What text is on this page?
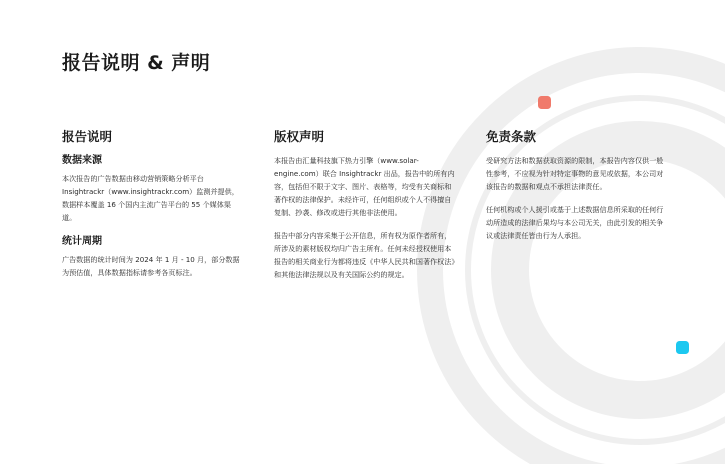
报告说明 & 声明
报告说明
数据来源

本次报告的广告数据由移动营销策略分析平台 Insightrackr（www.insightrackr.com）监测并提供，数据样本覆盖 16 个国内主流广告平台的 55 个媒体渠道。

统计周期

广告数据的统计时间为 2024 年 1 月 - 10 月，部分数据为预估值，具体数据指标请参考各页标注。

版权声明

本报告由汇量科技旗下热力引擎（www.solar-engine.com）联合 Insightrackr 出品，报告中的所有内容，包括但不限于文字、图片、表格等，均受有关商标和著作权的法律保护。未经许可，任何组织或个人不得擅自复制、抄袭、修改或进行其他非法使用。

报告中部分内容采集于公开信息，所有权为原作者所有，所涉及的素材版权均归广告主所有。任何未经授权使用本报告的相关商业行为都将违反《中华人民共和国著作权法》和其他法律法规以及有关国际公约的规定。

免责条款

受研究方法和数据获取资源的限制，本报告内容仅供一般性参考，不应视为针对特定事物的意见或依据，本公司对该报告的数据和观点不承担法律责任。

任何机构或个人援引或基于上述数据信息所采取的任何行动所造成的法律后果均与本公司无关，由此引发的相关争议或法律责任皆由行为人承担。
